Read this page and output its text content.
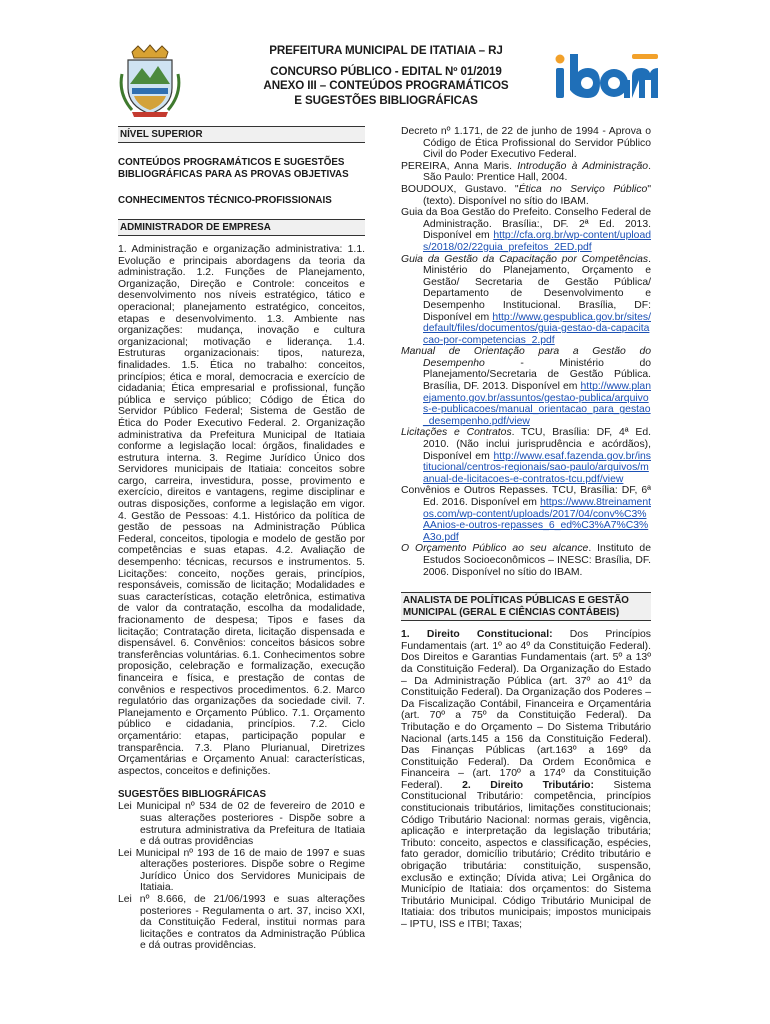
PREFEITURA MUNICIPAL DE ITATIAIA – RJ
CONCURSO PÚBLICO - EDITAL Nº 01/2019
ANEXO III – CONTEÚDOS PROGRAMÁTICOS
E SUGESTÕES BIBLIOGRÁFICAS
NÍVEL SUPERIOR
CONTEÚDOS PROGRAMÁTICOS E SUGESTÕES BIBLIOGRÁFICAS PARA AS PROVAS OBJETIVAS
CONHECIMENTOS TÉCNICO-PROFISSIONAIS
ADMINISTRADOR DE EMPRESA
1. Administração e organização administrativa: 1.1. Evolução e principais abordagens da teoria da administração. 1.2. Funções de Planejamento, Organização, Direção e Controle: conceitos e desenvolvimento nos níveis estratégico, tático e operacional; planejamento estratégico, conceitos, etapas e desenvolvimento. 1.3. Ambiente nas organizações: mudança, inovação e cultura organizacional; motivação e liderança. 1.4. Estruturas organizacionais: tipos, natureza, finalidades. 1.5. Ética no trabalho: conceitos, princípios; ética e moral, democracia e exercício de cidadania; Ética empresarial e profissional, função pública e serviço público; Código de Ética do Servidor Público Federal; Sistema de Gestão de Ética do Poder Executivo Federal. 2. Organização administrativa da Prefeitura Municipal de Itatiaia conforme a legislação local: órgãos, finalidades e estrutura interna. 3. Regime Jurídico Único dos Servidores municipais de Itatiaia: conceitos sobre cargo, carreira, investidura, posse, provimento e exercício, direitos e vantagens, regime disciplinar e outras disposições, conforme a legislação em vigor. 4. Gestão de Pessoas: 4.1. Histórico da política de gestão de pessoas na Administração Pública Federal, conceitos, tipologia e modelo de gestão por competências e suas etapas. 4.2. Avaliação de desempenho: técnicas, recursos e instrumentos. 5. Licitações: conceito, noções gerais, princípios, responsáveis, comissão de licitação; Modalidades e suas características, cotação eletrônica, estimativa de valor da contratação, escolha da modalidade, fracionamento de despesa; Tipos e fases da licitação; Contratação direta, licitação dispensada e dispensável. 6. Convênios: conceitos básicos sobre transferências voluntárias. 6.1. Conhecimentos sobre proposição, celebração e formalização, execução financeira e física, e prestação de contas de convênios e respectivos procedimentos. 6.2. Marco regulatório das organizações da sociedade civil. 7. Planejamento e Orçamento Público. 7.1. Orçamento público e cidadania, princípios. 7.2. Ciclo orçamentário: etapas, participação popular e transparência. 7.3. Plano Plurianual, Diretrizes Orçamentárias e Orçamento Anual: características, aspectos, conceitos e definições.
SUGESTÕES BIBLIOGRÁFICAS

Lei Municipal nº 534 de 02 de fevereiro de 2010 e suas alterações posteriores - Dispõe sobre a estrutura administrativa da Prefeitura de Itatiaia e dá outras providências

Lei Municipal nº 193 de 16 de maio de 1997 e suas alterações posteriores. Dispõe sobre o Regime Jurídico Único dos Servidores Municipais de Itatiaia.

Lei nº 8.666, de 21/06/1993 e suas alterações posteriores - Regulamenta o art. 37, inciso XXI, da Constituição Federal, institui normas para licitações e contratos da Administração Pública e dá outras providências.

Decreto nº 1.171, de 22 de junho de 1994 - Aprova o Código de Ética Profissional do Servidor Público Civil do Poder Executivo Federal.

PEREIRA, Anna Maris. Introdução à Administração. São Paulo: Prentice Hall, 2004.

BOUDOUX, Gustavo. "Ética no Serviço Público" (texto). Disponível no sítio do IBAM.

Guia da Boa Gestão do Prefeito. Conselho Federal de Administração. Brasília:, DF. 2ª Ed. 2013. Disponível em http://cfa.org.br/wp-content/uploads/2018/02/22guia_prefeitos_2ED.pdf

Guia da Gestão da Capacitação por Competências. Ministério do Planejamento, Orçamento e Gestão/ Secretaria de Gestão Pública/ Departamento de Desenvolvimento e Desempenho Institucional. Brasília, DF: Disponível em http://www.gespublica.gov.br/sites/default/files/documentos/guia-gestao-da-capacitacao-por-competencias_2.pdf

Manual de Orientação para a Gestão do Desempenho - Ministério do Planejamento/Secretaria de Gestão Pública. Brasília, DF. 2013. Disponível em http://www.planejamento.gov.br/assuntos/gestao-publica/arquivos-e-publicacoes/manual_orientacao_para_gestao_desempenho.pdf/view

Licitações e Contratos. TCU, Brasília: DF, 4ª Ed. 2010. (Não inclui jurisprudência e acórdãos), Disponível em http://www.esaf.fazenda.gov.br/institucional/centros-regionais/sao-paulo/arquivos/manual-de-licitacoes-e-contratos-tcu.pdf/view

Convênios e Outros Repasses. TCU, Brasília: DF, 6ª Ed. 2016. Disponível em https://www.8treinamentos.com/wp-content/uploads/2017/04/conv%C3%AAnios-e-outros-repasses_6_ed%C3%A7%C3%A3o.pdf

O Orçamento Público ao seu alcance. Instituto de Estudos Socioeconômicos – INESC: Brasília, DF. 2006. Disponível no sítio do IBAM.

ANALISTA DE POLÍTICAS PÚBLICAS E GESTÃO MUNICIPAL (GERAL E CIÊNCIAS CONTÁBEIS)
1. Direito Constitucional: Dos Princípios Fundamentais (art. 1º ao 4º da Constituição Federal). Dos Direitos e Garantias Fundamentais (art. 5º a 13º da Constituição Federal). Da Organização do Estado – Da Administração Pública (art. 37º ao 41º da Constituição Federal). Da Organização dos Poderes – Da Fiscalização Contábil, Financeira e Orçamentária (art. 70º a 75º da Constituição Federal). Da Tributação e do Orçamento – Do Sistema Tributário Nacional (arts.145 a 156 da Constituição Federal). Das Finanças Públicas (art.163º a 169º da Constituição Federal). Da Ordem Econômica e Financeira – (art. 170º a 174º da Constituição Federal). 2. Direito Tributário: Sistema Constitucional Tributário: competência, princípios constitucionais tributários, limitações constitucionais; Código Tributário Nacional: normas gerais, vigência, aplicação e interpretação da legislação tributária; Tributo: conceito, aspectos e classificação, espécies, fato gerador, domicílio tributário; Crédito tributário e obrigação tributária: constituição, suspensão, exclusão e extinção; Dívida ativa; Lei Orgânica do Município de Itatiaia: dos orçamentos: do Sistema Tributário Municipal. Código Tributário Municipal de Itatiaia: dos tributos municipais; impostos municipais – IPTU, ISS e ITBI; Taxas;
